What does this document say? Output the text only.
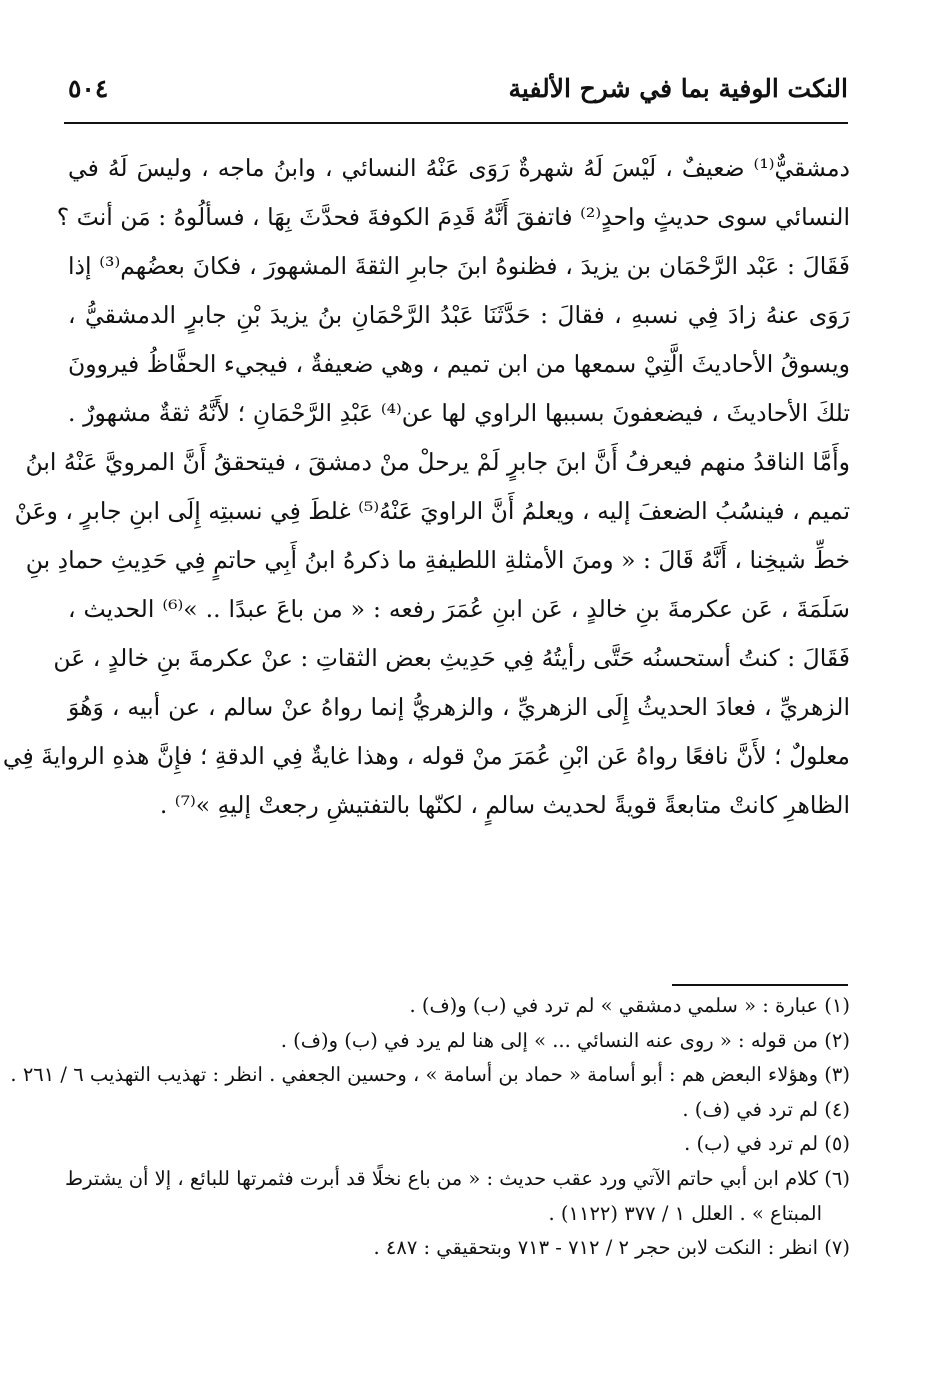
النكت الوفية بما في شرح الألفية
٥٠٤
دمشقيٌّ⁽¹⁾ ضعيفٌ ، لَيْسَ لَهُ شهرةٌ رَوَى عَنْهُ النسائي ، وابنُ ماجه ، وليسَ لَهُ في
النسائي سوى حديثٍ واحدٍ⁽²⁾ فاتفقَ أَنَّهُ قَدِمَ الكوفةَ فحدَّثَ بِهَا ، فسألُوهُ : مَن أنتَ ؟
فَقَالَ : عَبْد الرَّحْمَان بن يزيدَ ، فظنوهُ ابنَ جابرِ الثقةَ المشهورَ ، فكانَ بعضُهم⁽³⁾ إذا
رَوَى عنهُ زادَ فِي نسبهِ ، فقالَ : حَدَّثَنَا عَبْدُ الرَّحْمَانِ بنُ يزيدَ بْنِ جابرٍ الدمشقيُّ ،
ويسوقُ الأحاديثَ الَّتِيْ سمعها من ابن تميم ، وهي ضعيفةٌ ، فيجيء الحفَّاظُ فيروونَ
تلكَ الأحاديثَ ، فيضعفونَ بسببها الراوي لها عن⁽⁴⁾ عَبْدِ الرَّحْمَانِ ؛ لأَنَّهُ ثقةٌ مشهورٌ .
وأَمَّا الناقدُ منهم فيعرفُ أَنَّ ابنَ جابرٍ لَمْ يرحلْ منْ دمشقَ ، فيتحققُ أَنَّ المرويَّ عَنْهُ ابنُ
تميم ، فينسُبُ الضعفَ إليه ، ويعلمُ أَنَّ الراويَ عَنْهُ⁽⁵⁾ غلطَ فِي نسبتِه إِلَى ابنِ جابرٍ ، وعَنْ
خطِّ شيخِنا ، أَنَّهُ قَالَ : « ومنَ الأمثلةِ اللطيفةِ ما ذكرهُ ابنُ أَبِي حاتمٍ فِي حَدِيثِ حمادِ بنِ
سَلَمَةَ ، عَن عكرمةَ بنِ خالدٍ ، عَن ابنِ عُمَرَ رفعه : « من باعَ عبدًا .. »⁽⁶⁾ الحديث ،
فَقَالَ : كنتُ أستحسنُه حَتَّى رأيتُهُ فِي حَدِيثِ بعض الثقاتِ : عنْ عكرمةَ بنِ خالدٍ ، عَن
الزهريِّ ، فعادَ الحديثُ إِلَى الزهريِّ ، والزهريُّ إنما رواهُ عنْ سالم ، عن أبيه ، وَهُوَ
معلولٌ ؛ لأَنَّ نافعًا رواهُ عَن ابْنِ عُمَرَ منْ قوله ، وهذا غايةٌ فِي الدقةِ ؛ فإِنَّ هذهِ الروايةَ فِي
الظاهرِ كانتْ متابعةً قويةً لحديث سالمٍ ، لكنّها بالتفتيشِ رجعتْ إليهِ »⁽⁷⁾ .
(١) عبارة : « سلمي دمشقي » لم ترد في (ب) و(ف) .
(٢) من قوله : « روى عنه النسائي ... » إلى هنا لم يرد في (ب) و(ف) .
(٣) وهؤلاء البعض هم : أبو أسامة « حماد بن أسامة » ، وحسين الجعفي . انظر : تهذيب التهذيب ٦ / ٢٦١ .
(٤) لم ترد في (ف) .
(٥) لم ترد في (ب) .
(٦) كلام ابن أبي حاتم الآتي ورد عقب حديث : « من باع نخلًا قد أبرت فثمرتها للبائع ، إلا أن يشترط
المبتاع » . العلل ١ / ٣٧٧ (١١٢٢) .
(٧) انظر : النكت لابن حجر ٢ / ٧١٢ - ٧١٣ وبتحقيقي : ٤٨٧ .
